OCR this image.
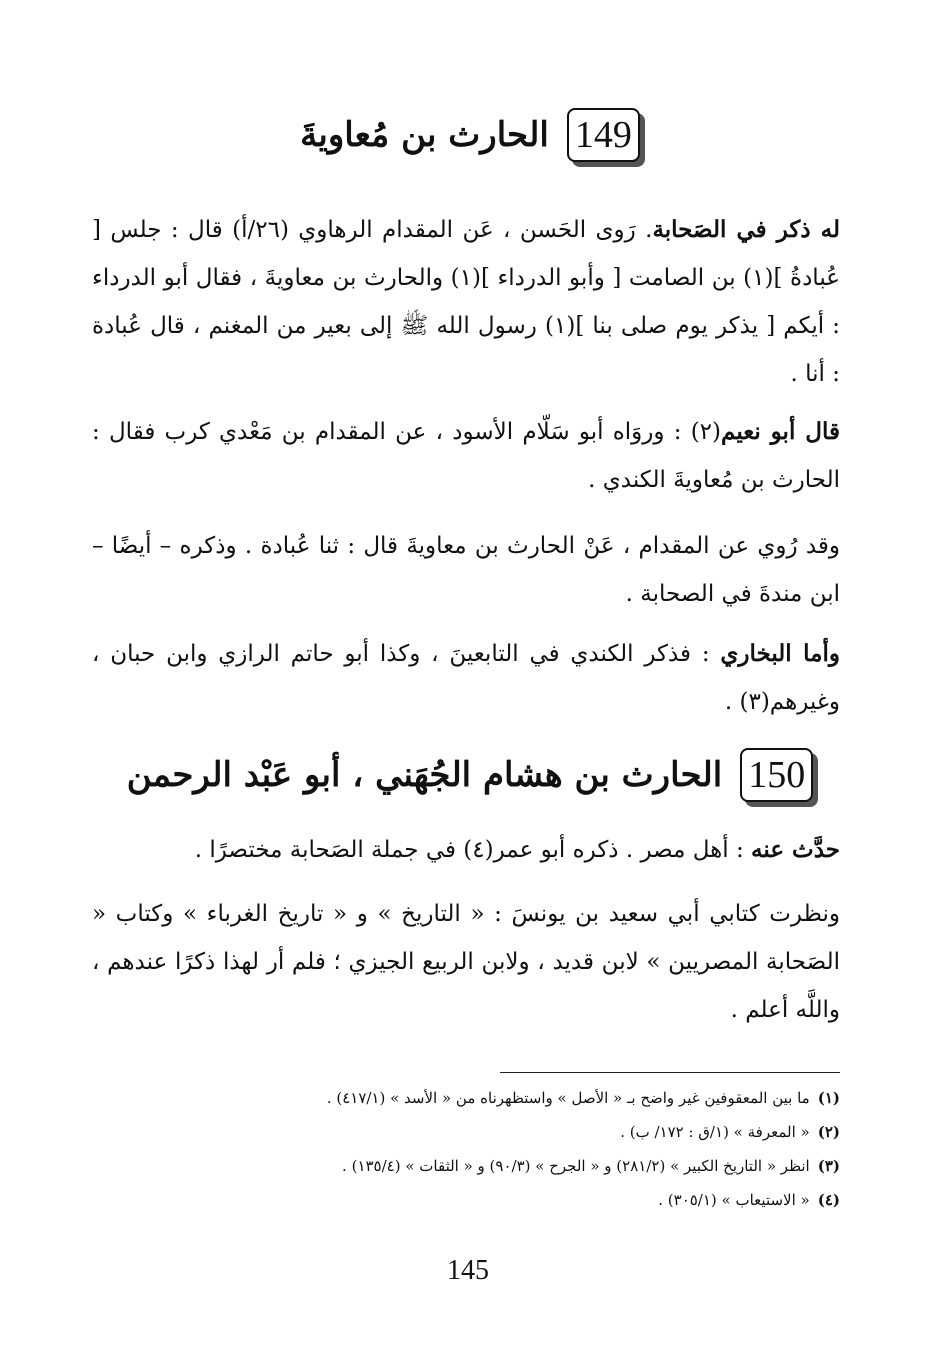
149
الحارث بن مُعاويةَ

له ذكر في الصَحابة. رَوى الحَسن ، عَن المقدام الرهاوي (٢٦/أ) قال : جلس [ عُبادةُ ](١) بن الصامت [ وأبو الدرداء ](١) والحارث بن معاويةَ ، فقال أبو الدرداء : أيكم [ يذكر يوم صلى بنا ](١) رسول الله ﷺ إلى بعير من المغنم ، قال عُبادة : أنا .

قال أبو نعيم(٢) : وروَاه أبو سَلّام الأسود ، عن المقدام بن مَعْدي كرب فقال : الحارث بن مُعاويةَ الكندي .

وقد رُوي عن المقدام ، عَنْ الحارث بن معاويةَ قال : ثنا عُبادة . وذكره – أيضًا – ابن مندةَ في الصحابة .

وأما البخاري : فذكر الكندي في التابعينَ ، وكذا أبو حاتم الرازي وابن حبان ، وغيرهم(٣) .

150
الحارث بن هشام الجُهَني ، أبو عَبْد الرحمن

حدَّث عنه : أهل مصر . ذكره أبو عمر(٤) في جملة الصَحابة مختصرًا .

ونظرت كتابي أبي سعيد بن يونسَ : « التاريخ » و « تاريخ الغرباء » وكتاب « الصَحابة المصريين » لابن قديد ، ولابن الربيع الجيزي ؛ فلم أر لهذا ذكرًا عندهم ، واللَّه أعلم .

(١)ما بين المعقوفين غير واضح بـ « الأصل » واستظهرناه من « الأسد » (٤١٧/١) .

(٢)« المعرفة » (١/ق : ١٧٢/ ب) .

(٣)انظر « التاريخ الكبير » (٢٨١/٢) و « الجرح » (٩٠/٣) و « الثقات » (١٣٥/٤) .

(٤)« الاستيعاب » (٣٠٥/١) .

145
